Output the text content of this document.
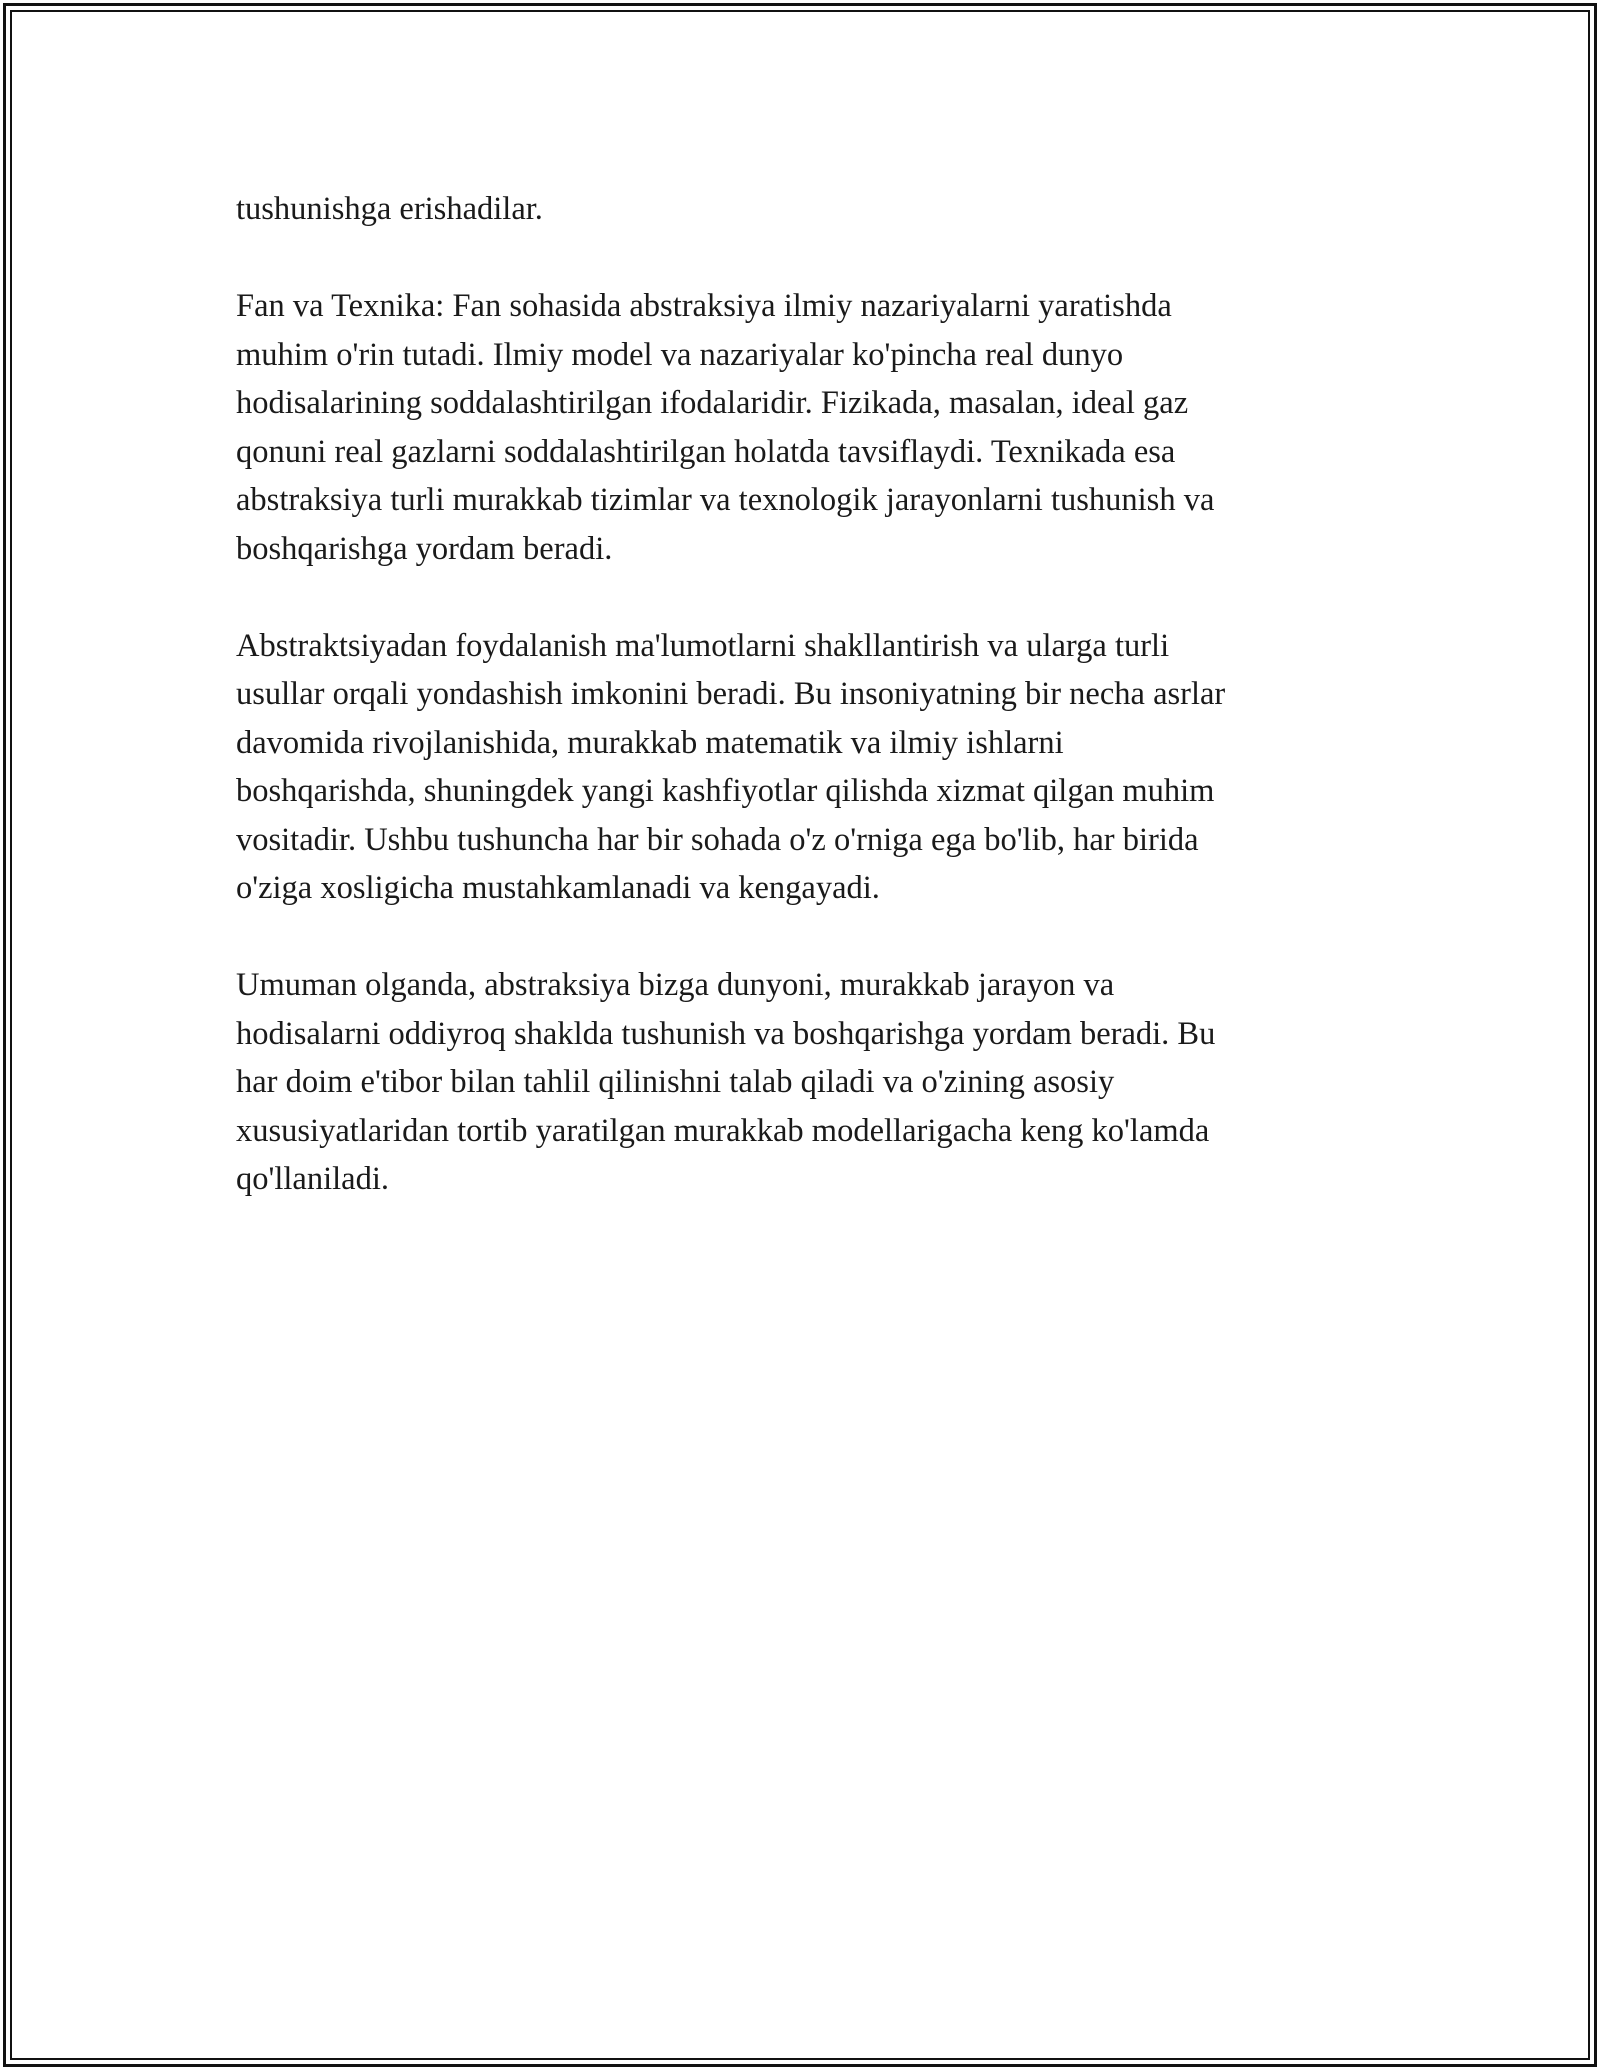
tushunishga erishadilar.

Fan va Texnika: Fan sohasida abstraksiya ilmiy nazariyalarni yaratishda
muhim o'rin tutadi. Ilmiy model va nazariyalar ko'pincha real dunyo
hodisalarining soddalashtirilgan ifodalaridir. Fizikada, masalan, ideal gaz
qonuni real gazlarni soddalashtirilgan holatda tavsiflaydi. Texnikada esa
abstraksiya turli murakkab tizimlar va texnologik jarayonlarni tushunish va
boshqarishga yordam beradi.

Abstraktsiyadan foydalanish ma'lumotlarni shakllantirish va ularga turli
usullar orqali yondashish imkonini beradi. Bu insoniyatning bir necha asrlar
davomida rivojlanishida, murakkab matematik va ilmiy ishlarni
boshqarishda, shuningdek yangi kashfiyotlar qilishda xizmat qilgan muhim
vositadir. Ushbu tushuncha har bir sohada o'z o'rniga ega bo'lib, har birida
o'ziga xosligicha mustahkamlanadi va kengayadi.

Umuman olganda, abstraksiya bizga dunyoni, murakkab jarayon va
hodisalarni oddiyroq shaklda tushunish va boshqarishga yordam beradi. Bu
har doim e'tibor bilan tahlil qilinishni talab qiladi va o'zining asosiy
xususiyatlaridan tortib yaratilgan murakkab modellarigacha keng ko'lamda
qo'llaniladi.
